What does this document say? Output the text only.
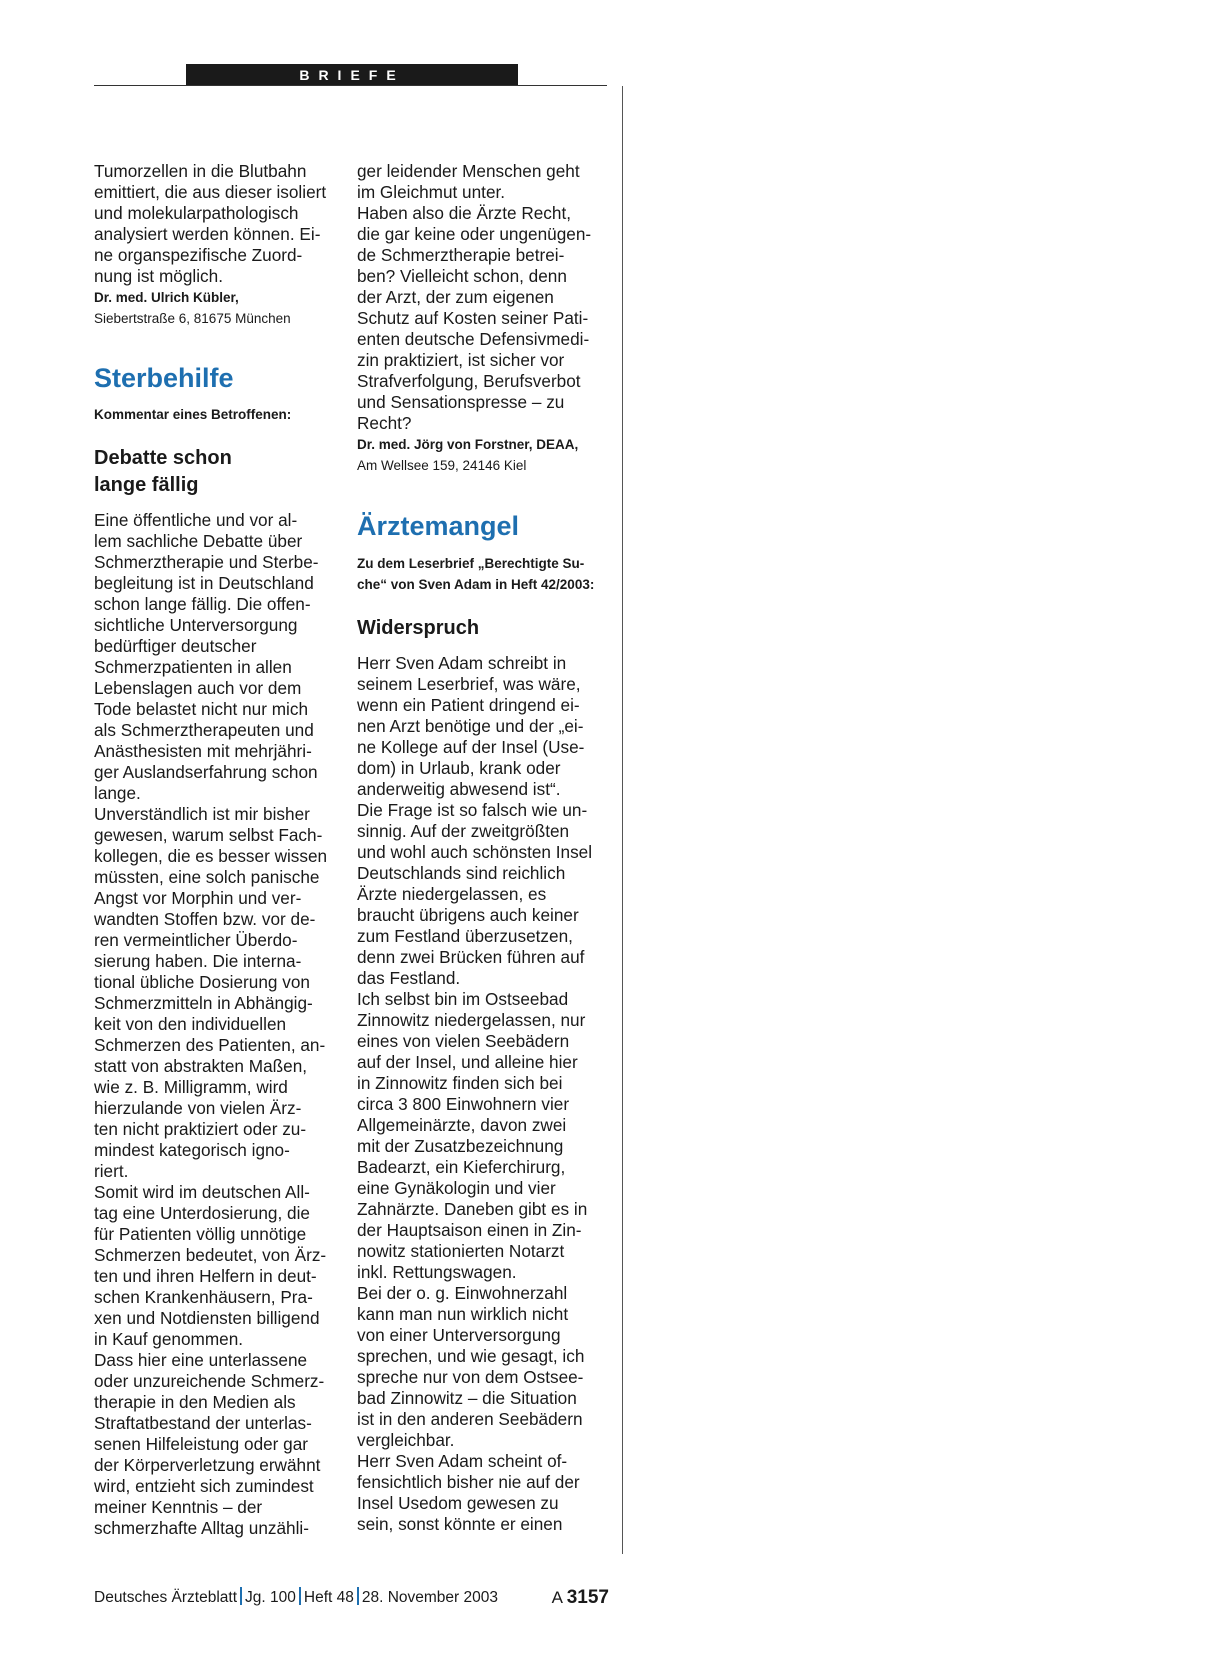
BRIEFE

Tumorzellen in die Blutbahn

emittiert, die aus dieser isoliert

und molekularpathologisch

analysiert werden können. Ei-

ne organspezifische Zuord-

nung ist möglich.

Dr. med. Ulrich Kübler,

Siebertstraße 6, 81675 München

Sterbehilfe

Kommentar eines Betroffenen:

Debatte schon

lange fällig

Eine öffentliche und vor al-

lem sachliche Debatte über

Schmerztherapie und Sterbe-

begleitung ist in Deutschland

schon lange fällig. Die offen-

sichtliche Unterversorgung

bedürftiger deutscher

Schmerzpatienten in allen

Lebenslagen auch vor dem

Tode belastet nicht nur mich

als Schmerztherapeuten und

Anästhesisten mit mehrjähri-

ger Auslandserfahrung schon

lange.

Unverständlich ist mir bisher

gewesen, warum selbst Fach-

kollegen, die es besser wissen

müssten, eine solch panische

Angst vor Morphin und ver-

wandten Stoffen bzw. vor de-

ren vermeintlicher Überdo-

sierung haben. Die interna-

tional übliche Dosierung von

Schmerzmitteln in Abhängig-

keit von den individuellen

Schmerzen des Patienten, an-

statt von abstrakten Maßen,

wie z. B. Milligramm, wird

hierzulande von vielen Ärz-

ten nicht praktiziert oder zu-

mindest kategorisch igno-

riert.

Somit wird im deutschen All-

tag eine Unterdosierung, die

für Patienten völlig unnötige

Schmerzen bedeutet, von Ärz-

ten und ihren Helfern in deut-

schen Krankenhäusern, Pra-

xen und Notdiensten billigend

in Kauf genommen.

Dass hier eine unterlassene

oder unzureichende Schmerz-

therapie in den Medien als

Straftatbestand der unterlas-

senen Hilfeleistung oder gar

der Körperverletzung erwähnt

wird, entzieht sich zumindest

meiner Kenntnis – der

schmerzhafte Alltag unzähli-

ger leidender Menschen geht

im Gleichmut unter.

Haben also die Ärzte Recht,

die gar keine oder ungenügen-

de Schmerztherapie betrei-

ben? Vielleicht schon, denn

der Arzt, der zum eigenen

Schutz auf Kosten seiner Pati-

enten deutsche Defensivmedi-

zin praktiziert, ist sicher vor

Strafverfolgung, Berufsverbot

und Sensationspresse – zu

Recht?

Dr. med. Jörg von Forstner, DEAA,

Am Wellsee 159, 24146 Kiel

Ärztemangel

Zu dem Leserbrief „Berechtigte Su-

che“ von Sven Adam in Heft 42/2003:

Widerspruch

Herr Sven Adam schreibt in

seinem Leserbrief, was wäre,

wenn ein Patient dringend ei-

nen Arzt benötige und der „ei-

ne Kollege auf der Insel (Use-

dom) in Urlaub, krank oder

anderweitig abwesend ist“.

Die Frage ist so falsch wie un-

sinnig. Auf der zweitgrößten

und wohl auch schönsten Insel

Deutschlands sind reichlich

Ärzte niedergelassen, es

braucht übrigens auch keiner

zum Festland überzusetzen,

denn zwei Brücken führen auf

das Festland.

Ich selbst bin im Ostseebad

Zinnowitz niedergelassen, nur

eines von vielen Seebädern

auf der Insel, und alleine hier

in Zinnowitz finden sich bei

circa 3 800 Einwohnern vier

Allgemeinärzte, davon zwei

mit der Zusatzbezeichnung

Badearzt, ein Kieferchirurg,

eine Gynäkologin und vier

Zahnärzte. Daneben gibt es in

der Hauptsaison einen in Zin-

nowitz stationierten Notarzt

inkl. Rettungswagen.

Bei der o. g. Einwohnerzahl

kann man nun wirklich nicht

von einer Unterversorgung

sprechen, und wie gesagt, ich

spreche nur von dem Ostsee-

bad Zinnowitz – die Situation

ist in den anderen Seebädern

vergleichbar.

Herr Sven Adam scheint of-

fensichtlich bisher nie auf der

Insel Usedom gewesen zu

sein, sonst könnte er einen

Deutsches Ärzteblatt Jg. 100 Heft 48 28. November 2003	A 3157
